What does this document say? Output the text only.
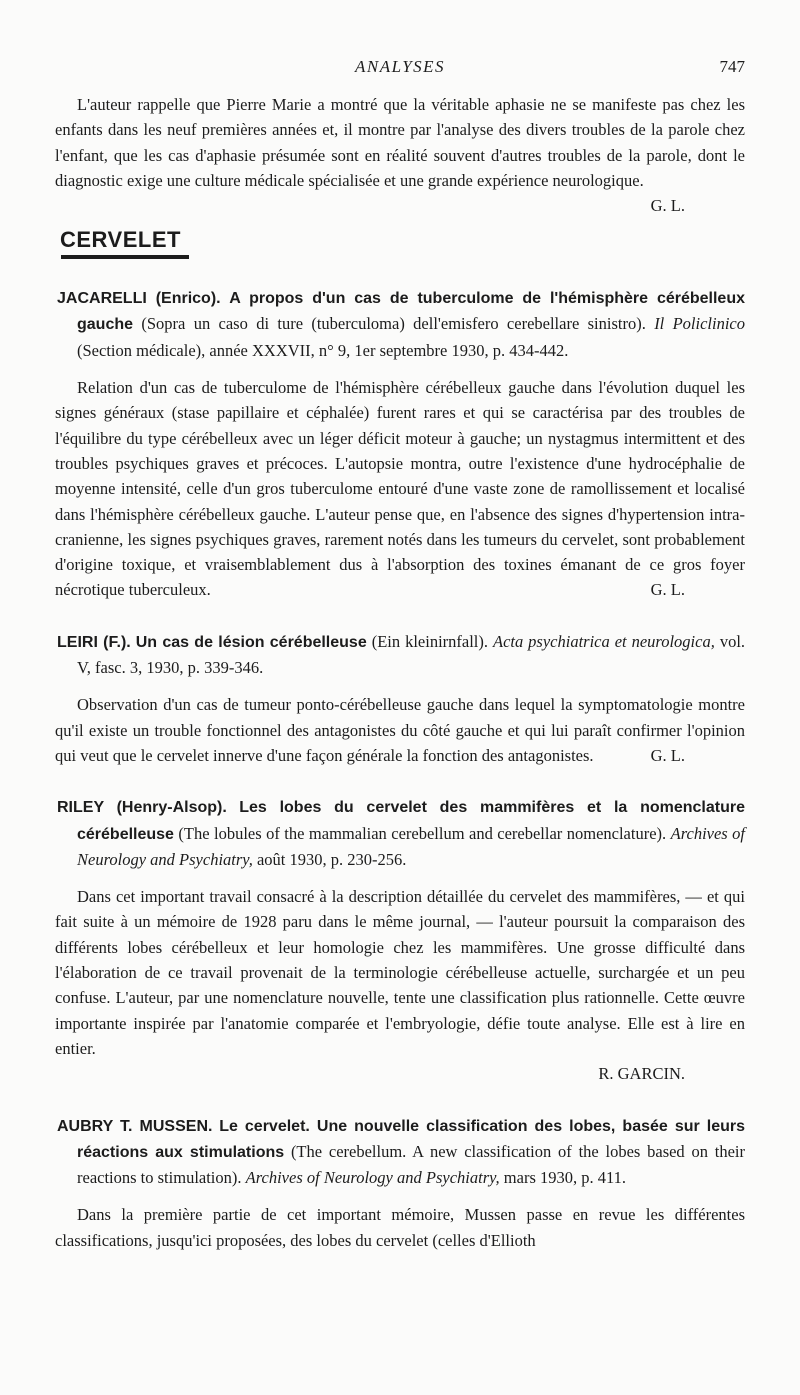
ANALYSES	747

L'auteur rappelle que Pierre Marie a montré que la véritable aphasie ne se manifeste pas chez les enfants dans les neuf premières années et, il montre par l'analyse des divers troubles de la parole chez l'enfant, que les cas d'aphasie présumée sont en réalité souvent d'autres troubles de la parole, dont le diagnostic exige une culture médicale spécialisée et une grande expérience neurologique.
G. L.

CERVELET

JACARELLI (Enrico). A propos d'un cas de tuberculome de l'hémisphère cérébelleux gauche (Sopra un caso di ture (tuberculoma) dell'emisfero cerebellare sinistro). Il Policlinico (Section médicale), année XXXVII, n° 9, 1er septembre 1930, p. 434-442.

Relation d'un cas de tuberculome de l'hémisphère cérébelleux gauche dans l'évolution duquel les signes généraux (stase papillaire et céphalée) furent rares et qui se caractérisa par des troubles de l'équilibre du type cérébelleux avec un léger déficit moteur à gauche; un nystagmus intermittent et des troubles psychiques graves et précoces. L'autopsie montra, outre l'existence d'une hydrocéphalie de moyenne intensité, celle d'un gros tuberculome entouré d'une vaste zone de ramollissement et localisé dans l'hémisphère cérébelleux gauche. L'auteur pense que, en l'absence des signes d'hypertension intra-cranienne, les signes psychiques graves, rarement notés dans les tumeurs du cervelet, sont probablement d'origine toxique, et vraisemblablement dus à l'absorption des toxines émanant de ce gros foyer nécrotique tuberculeux.	G. L.

LEIRI (F.). Un cas de lésion cérébelleuse (Ein kleinirnfall). Acta psychiatrica et neurologica, vol. V, fasc. 3, 1930, p. 339-346.

Observation d'un cas de tumeur ponto-cérébelleuse gauche dans lequel la symptomatologie montre qu'il existe un trouble fonctionnel des antagonistes du côté gauche et qui lui paraît confirmer l'opinion qui veut que le cervelet innerve d'une façon générale la fonction des antagonistes.	G. L.

RILEY (Henry-Alsop). Les lobes du cervelet des mammifères et la nomenclature cérébelleuse (The lobules of the mammalian cerebellum and cerebellar nomenclature). Archives of Neurology and Psychiatry, août 1930, p. 230-256.

Dans cet important travail consacré à la description détaillée du cervelet des mammifères, — et qui fait suite à un mémoire de 1928 paru dans le même journal, — l'auteur poursuit la comparaison des différents lobes cérébelleux et leur homologie chez les mammifères. Une grosse difficulté dans l'élaboration de ce travail provenait de la terminologie cérébelleuse actuelle, surchargée et un peu confuse. L'auteur, par une nomenclature nouvelle, tente une classification plus rationnelle. Cette œuvre importante inspirée par l'anatomie comparée et l'embryologie, défie toute analyse. Elle est à lire en entier.

R. GARCIN.

AUBRY T. MUSSEN. Le cervelet. Une nouvelle classification des lobes, basée sur leurs réactions aux stimulations (The cerebellum. A new classification of the lobes based on their reactions to stimulation). Archives of Neurology and Psychiatry, mars 1930, p. 411.

Dans la première partie de cet important mémoire, Mussen passe en revue les différentes classifications, jusqu'ici proposées, des lobes du cervelet (celles d'Ellioth
